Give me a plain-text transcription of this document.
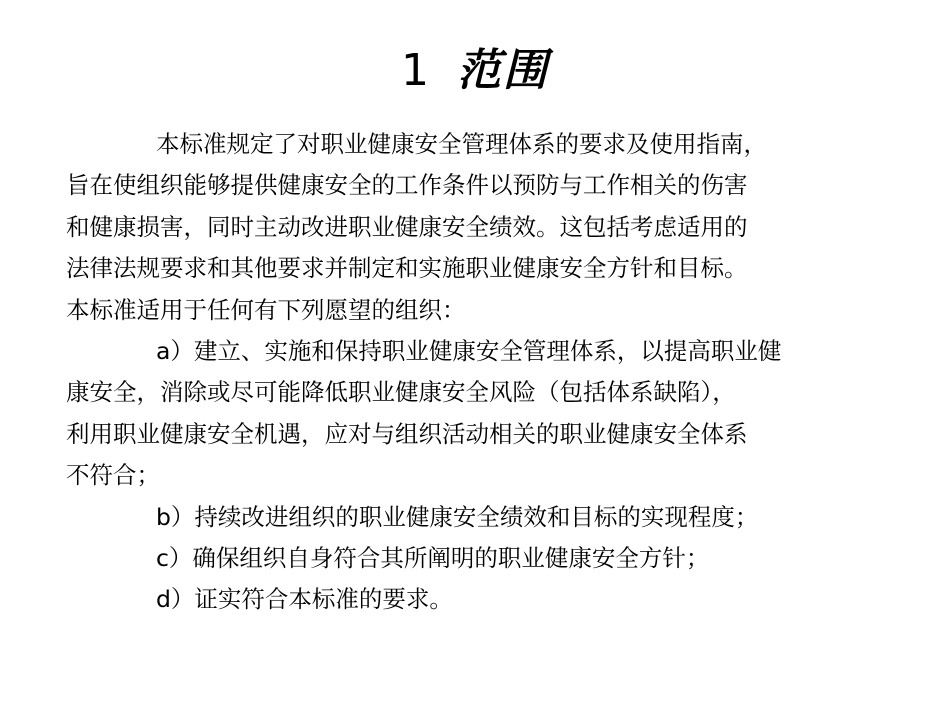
1 范围
本标准规定了对职业健康安全管理体系的要求及使用指南，
旨在使组织能够提供健康安全的工作条件以预防与工作相关的伤害
和健康损害，同时主动改进职业健康安全绩效。这包括考虑适用的
法律法规要求和其他要求并制定和实施职业健康安全方针和目标。
本标准适用于任何有下列愿望的组织：
a）建立、实施和保持职业健康安全管理体系，以提高职业健
康安全，消除或尽可能降低职业健康安全风险（包括体系缺陷），
利用职业健康安全机遇，应对与组织活动相关的职业健康安全体系
不符合；
b）持续改进组织的职业健康安全绩效和目标的实现程度；
c）确保组织自身符合其所阐明的职业健康安全方针；
d）证实符合本标准的要求。
